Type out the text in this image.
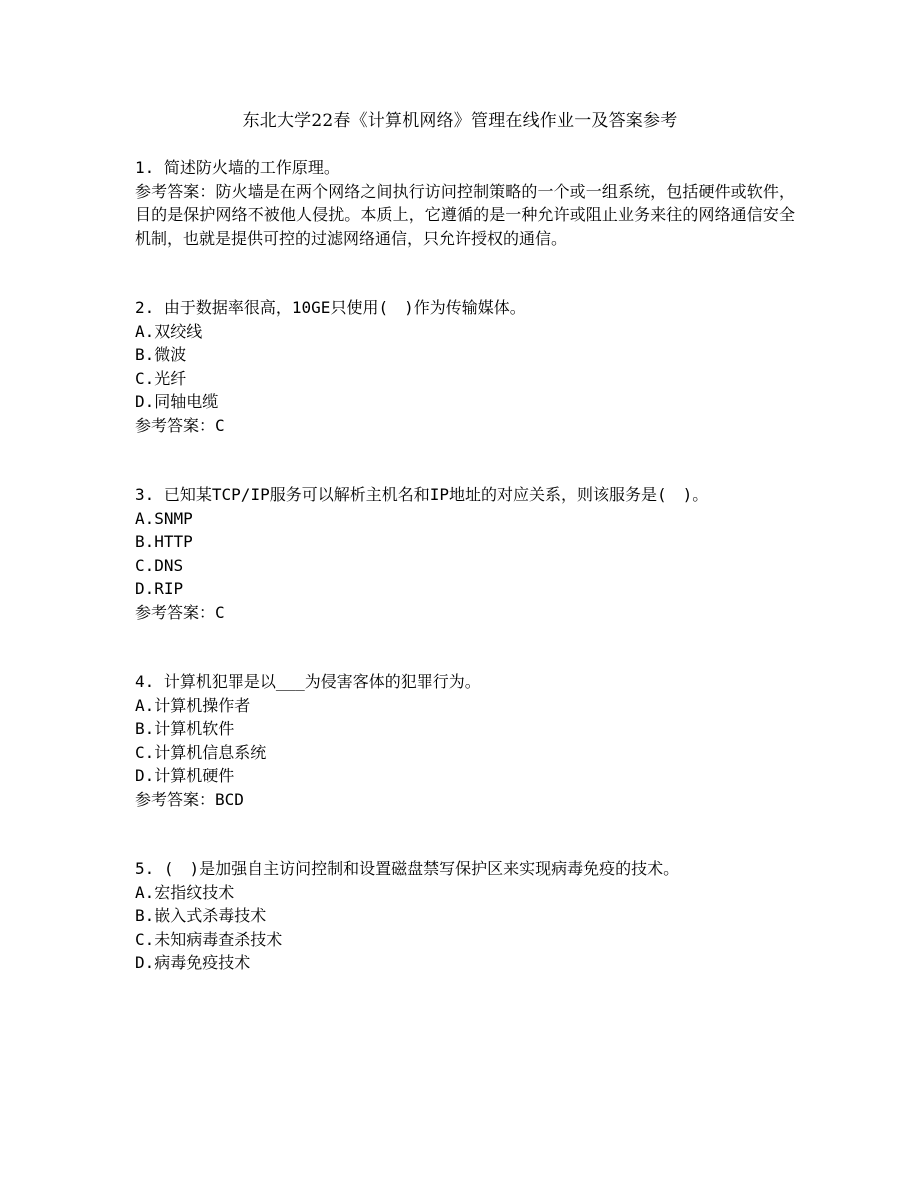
东北大学22春《计算机网络》管理在线作业一及答案参考

1. 简述防火墙的工作原理。

参考答案：防火墙是在两个网络之间执行访问控制策略的一个或一组系统，包括硬件或软件，目的是保护网络不被他人侵扰。本质上，它遵循的是一种允许或阻止业务来往的网络通信安全机制，也就是提供可控的过滤网络通信，只允许授权的通信。

2. 由于数据率很高，10GE只使用(　)作为传输媒体。

A.双绞线

B.微波

C.光纤

D.同轴电缆

参考答案：C

3. 已知某TCP/IP服务可以解析主机名和IP地址的对应关系，则该服务是(　)。

A.SNMP

B.HTTP

C.DNS

D.RIP

参考答案：C

4. 计算机犯罪是以___为侵害客体的犯罪行为。

A.计算机操作者

B.计算机软件

C.计算机信息系统

D.计算机硬件

参考答案：BCD

5. (　)是加强自主访问控制和设置磁盘禁写保护区来实现病毒免疫的技术。

A.宏指纹技术

B.嵌入式杀毒技术

C.未知病毒查杀技术

D.病毒免疫技术
